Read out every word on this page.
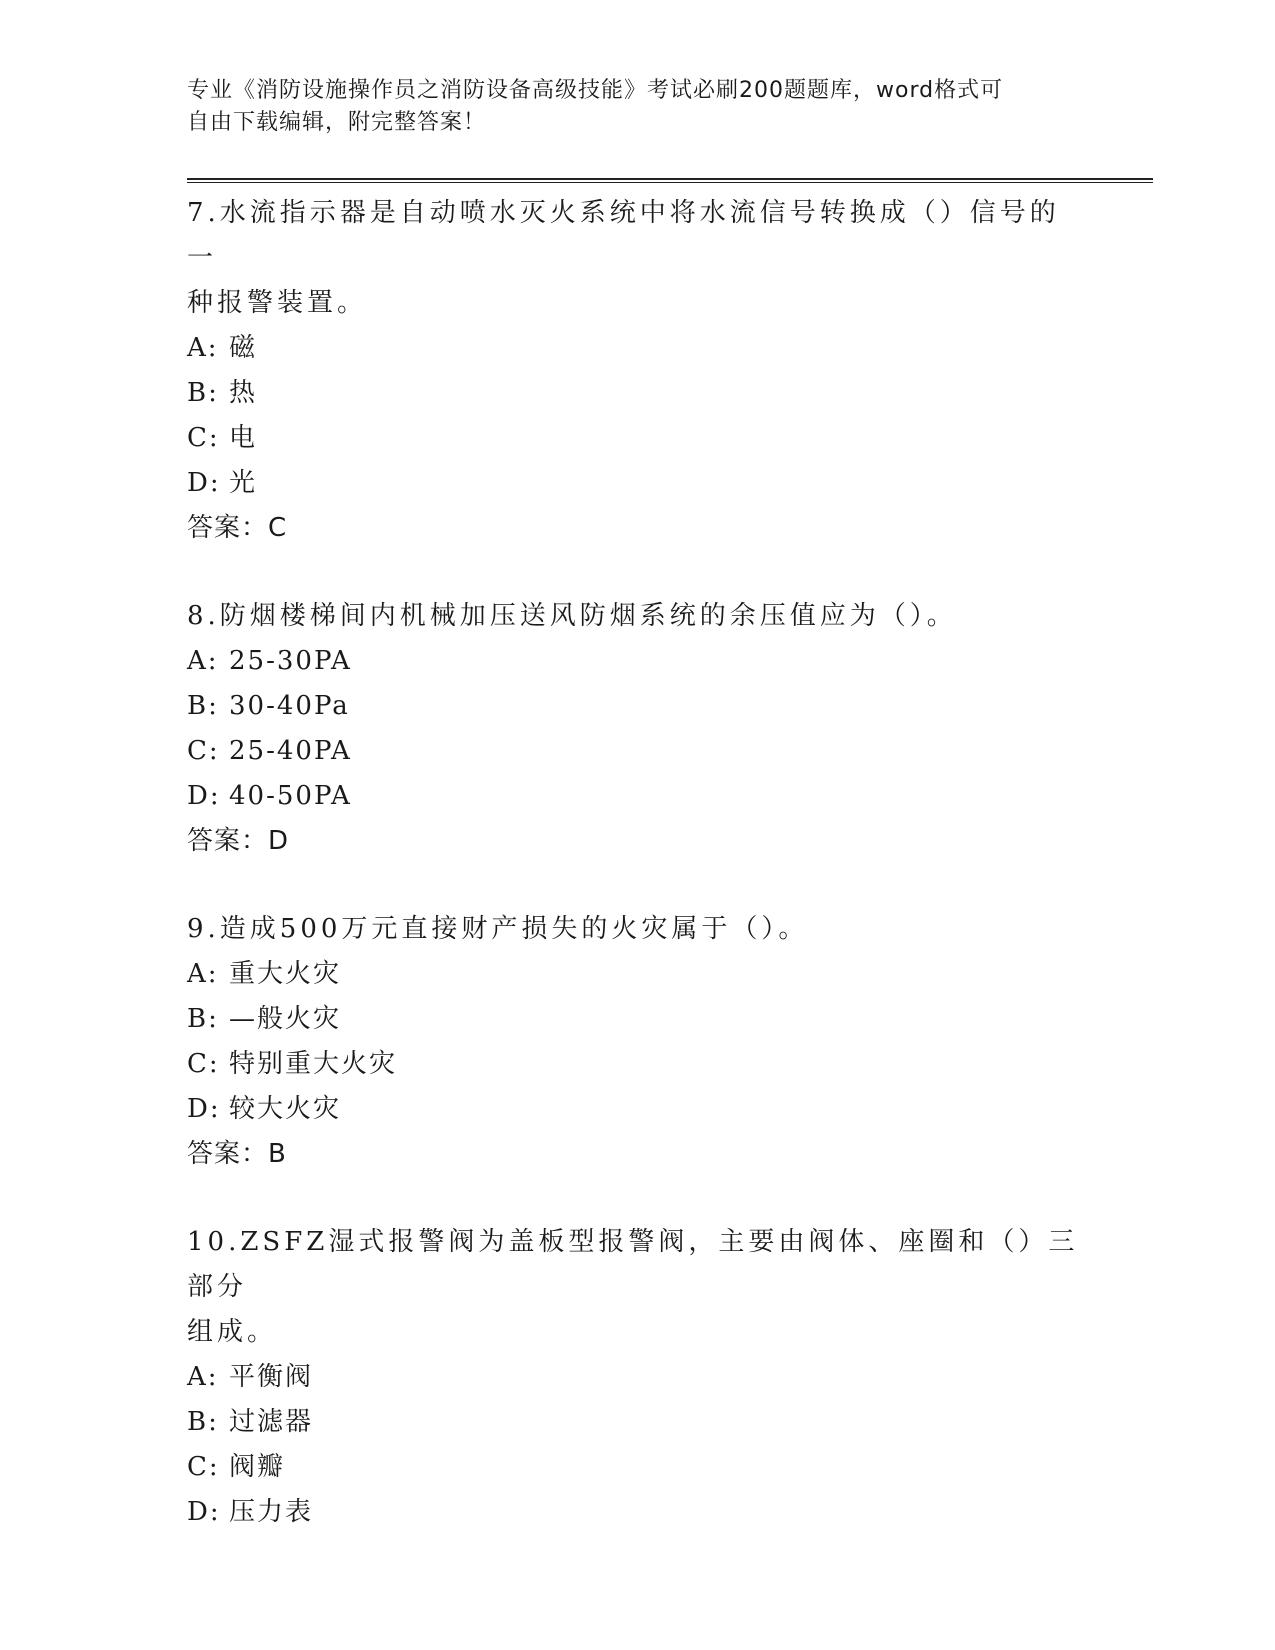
专业《消防设施操作员之消防设备高级技能》考试必刷200题题库，word格式可
自由下载编辑，附完整答案！

7.水流指示器是自动喷水灭火系统中将水流信号转换成（）信号的一
种报警装置。

A: 磁

B: 热

C: 电

D: 光

答案：C

8.防烟楼梯间内机械加压送风防烟系统的余压值应为（）。

A: 25-30PA

B: 30-40Pa

C: 25-40PA

D: 40-50PA

答案：D

9.造成500万元直接财产损失的火灾属于（）。

A: 重大火灾

B: —般火灾

C: 特别重大火灾

D: 较大火灾

答案：B

10.ZSFZ湿式报警阀为盖板型报警阀，主要由阀体、座圈和（）三部分
组成。

A: 平衡阀

B: 过滤器

C: 阀瓣

D: 压力表
